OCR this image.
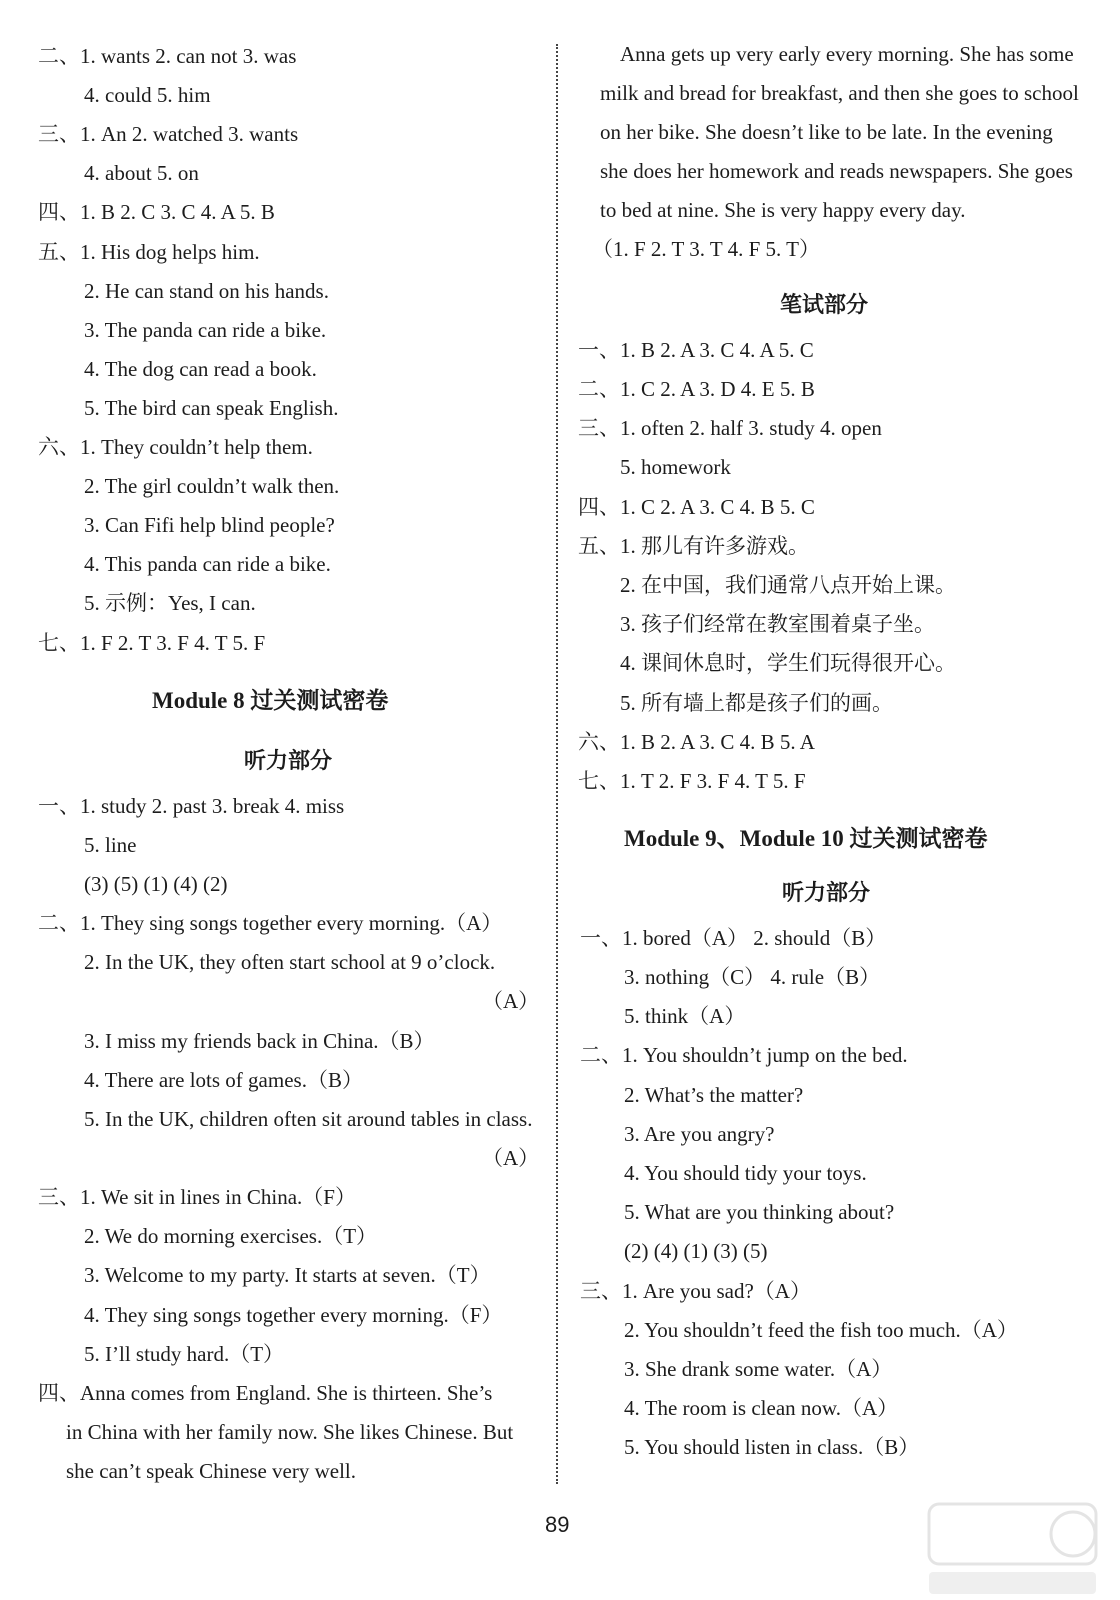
二、1. wants 2. can not 3. was
4. could 5. him
三、1. An 2. watched 3. wants
4. about 5. on
四、1. B 2. C 3. C 4. A 5. B
五、1. His dog helps him.
2. He can stand on his hands.
3. The panda can ride a bike.
4. The dog can read a book.
5. The bird can speak English.
六、1. They couldn’t help them.
2. The girl couldn’t walk then.
3. Can Fifi help blind people?
4. This panda can ride a bike.
5. 示例：Yes, I can.
七、1. F 2. T 3. F 4. T 5. F
Module 8 过关测试密卷
听力部分
一、1. study 2. past 3. break 4. miss
5. line
(3) (5) (1) (4) (2)
二、1. They sing songs together every morning.（A）
2. In the UK, they often start school at 9 o’clock.
（A）
3. I miss my friends back in China.（B）
4. There are lots of games.（B）
5. In the UK, children often sit around tables in class.
（A）
三、1. We sit in lines in China.（F）
2. We do morning exercises.（T）
3. Welcome to my party. It starts at seven.（T）
4. They sing songs together every morning.（F）
5. I’ll study hard.（T）
四、Anna comes from England. She is thirteen. She’s
in China with her family now. She likes Chinese. But
she can’t speak Chinese very well.
Anna gets up very early every morning. She has some
milk and bread for breakfast, and then she goes to school
on her bike. She doesn’t like to be late. In the evening
she does her homework and reads newspapers. She goes
to bed at nine. She is very happy every day.
（1. F 2. T 3. T 4. F 5. T）
笔试部分
一、1. B 2. A 3. C 4. A 5. C
二、1. C 2. A 3. D 4. E 5. B
三、1. often 2. half 3. study 4. open
5. homework
四、1. C 2. A 3. C 4. B 5. C
五、1. 那儿有许多游戏。
2. 在中国，我们通常八点开始上课。
3. 孩子们经常在教室围着桌子坐。
4. 课间休息时，学生们玩得很开心。
5. 所有墙上都是孩子们的画。
六、1. B 2. A 3. C 4. B 5. A
七、1. T 2. F 3. F 4. T 5. F
Module 9、Module 10 过关测试密卷
听力部分
一、1. bored（A） 2. should（B）
3. nothing（C） 4. rule（B）
5. think（A）
二、1. You shouldn’t jump on the bed.
2. What’s the matter?
3. Are you angry?
4. You should tidy your toys.
5. What are you thinking about?
(2) (4) (1) (3) (5)
三、1. Are you sad?（A）
2. You shouldn’t feed the fish too much.（A）
3. She drank some water.（A）
4. The room is clean now.（A）
5. You should listen in class.（B）
89
